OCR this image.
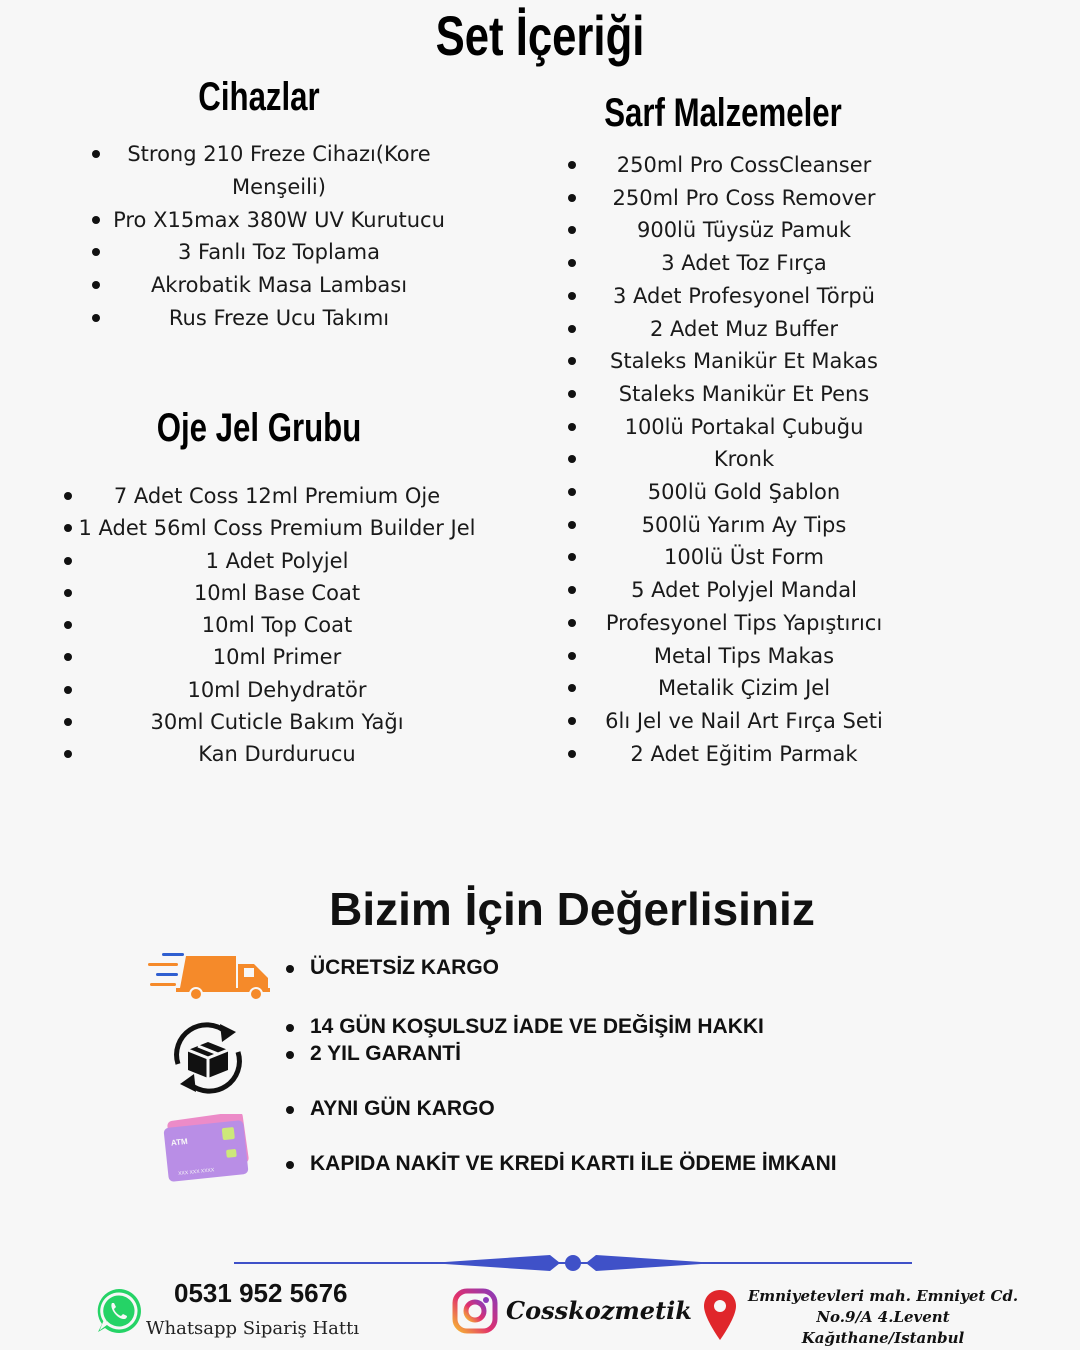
Set İçeriği
Cihazlar
Strong 210 Freze Cihazı(Kore Menşeili)
Pro X15max 380W UV Kurutucu
3 Fanlı Toz Toplama
Akrobatik Masa Lambası
Rus Freze Ucu Takımı
Oje Jel Grubu
7 Adet Coss 12ml Premium Oje
1 Adet 56ml Coss Premium Builder Jel
1 Adet Polyjel
10ml Base Coat
10ml Top Coat
10ml Primer
10ml Dehydratör
30ml Cuticle Bakım Yağı
Kan Durdurucu
Sarf Malzemeler
250ml Pro CossCleanser
250ml Pro Coss Remover
900lü Tüysüz Pamuk
3 Adet Toz Fırça
3 Adet Profesyonel Törpü
2 Adet Muz Buffer
Staleks Manikür Et Makas
Staleks Manikür Et Pens
100lü Portakal Çubuğu
Kronk
500lü Gold Şablon
500lü Yarım Ay Tips
100lü Üst Form
5 Adet Polyjel Mandal
Profesyonel Tips Yapıştırıcı
Metal Tips Makas
Metalik Çizim Jel
6lı Jel ve Nail Art Fırça Seti
2 Adet Eğitim Parmak
Bizim İçin Değerlisiniz
ATM
XXX XXX XXXX
ÜCRETSİZ KARGO
14 GÜN KOŞULSUZ İADE VE DEĞİŞİM HAKKI
2 YIL GARANTİ
AYNI GÜN KARGO
KAPIDA NAKİT VE KREDİ KARTI İLE ÖDEME İMKANI
0531 952 5676
Whatsapp Sipariş Hattı
Cosskozmetik	Emniyetevleri mah. Emniyet Cd.
No.9/A 4.Levent
Kağıthane/Istanbul
